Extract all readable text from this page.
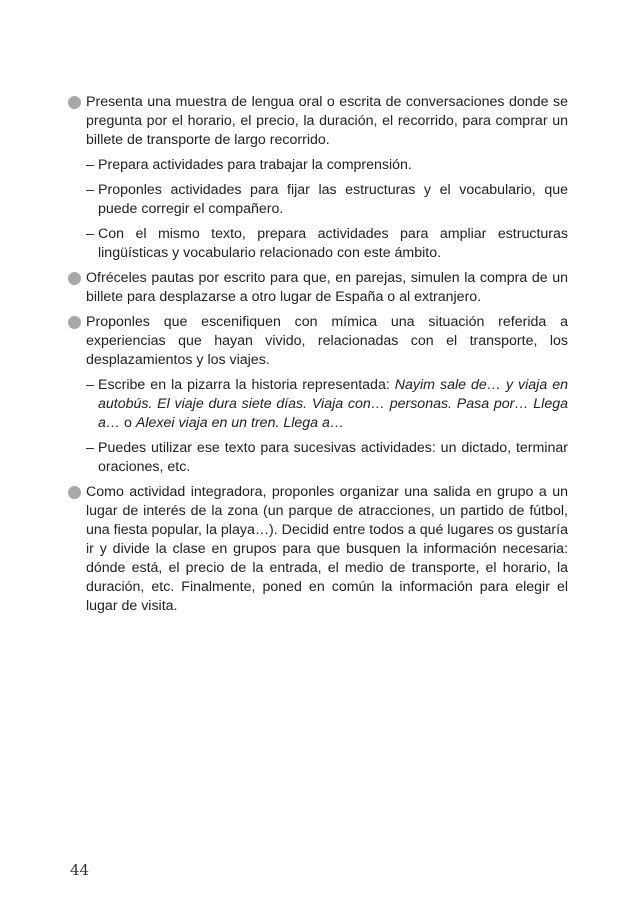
Presenta una muestra de lengua oral o escrita de conversaciones donde se pregunta por el horario, el precio, la duración, el recorrido, para comprar un billete de transporte de largo recorrido.
– Prepara actividades para trabajar la comprensión.
– Proponles actividades para fijar las estructuras y el vocabulario, que puede corregir el compañero.
– Con el mismo texto, prepara actividades para ampliar estructuras lingüísticas y vocabulario relacionado con este ámbito.
Ofréceles pautas por escrito para que, en parejas, simulen la compra de un billete para desplazarse a otro lugar de España o al extranjero.
Proponles que escenifiquen con mímica una situación referida a experiencias que hayan vivido, relacionadas con el transporte, los desplazamientos y los viajes.
– Escribe en la pizarra la historia representada: Nayim sale de… y viaja en autobús. El viaje dura siete días. Viaja con… personas. Pasa por… Llega a… o Alexei viaja en un tren. Llega a…
– Puedes utilizar ese texto para sucesivas actividades: un dictado, terminar oraciones, etc.
Como actividad integradora, proponles organizar una salida en grupo a un lugar de interés de la zona (un parque de atracciones, un partido de fútbol, una fiesta popular, la playa…). Decidid entre todos a qué lugares os gustaría ir y divide la clase en grupos para que busquen la información necesaria: dónde está, el precio de la entrada, el medio de transporte, el horario, la duración, etc. Finalmente, poned en común la información para elegir el lugar de visita.
44
